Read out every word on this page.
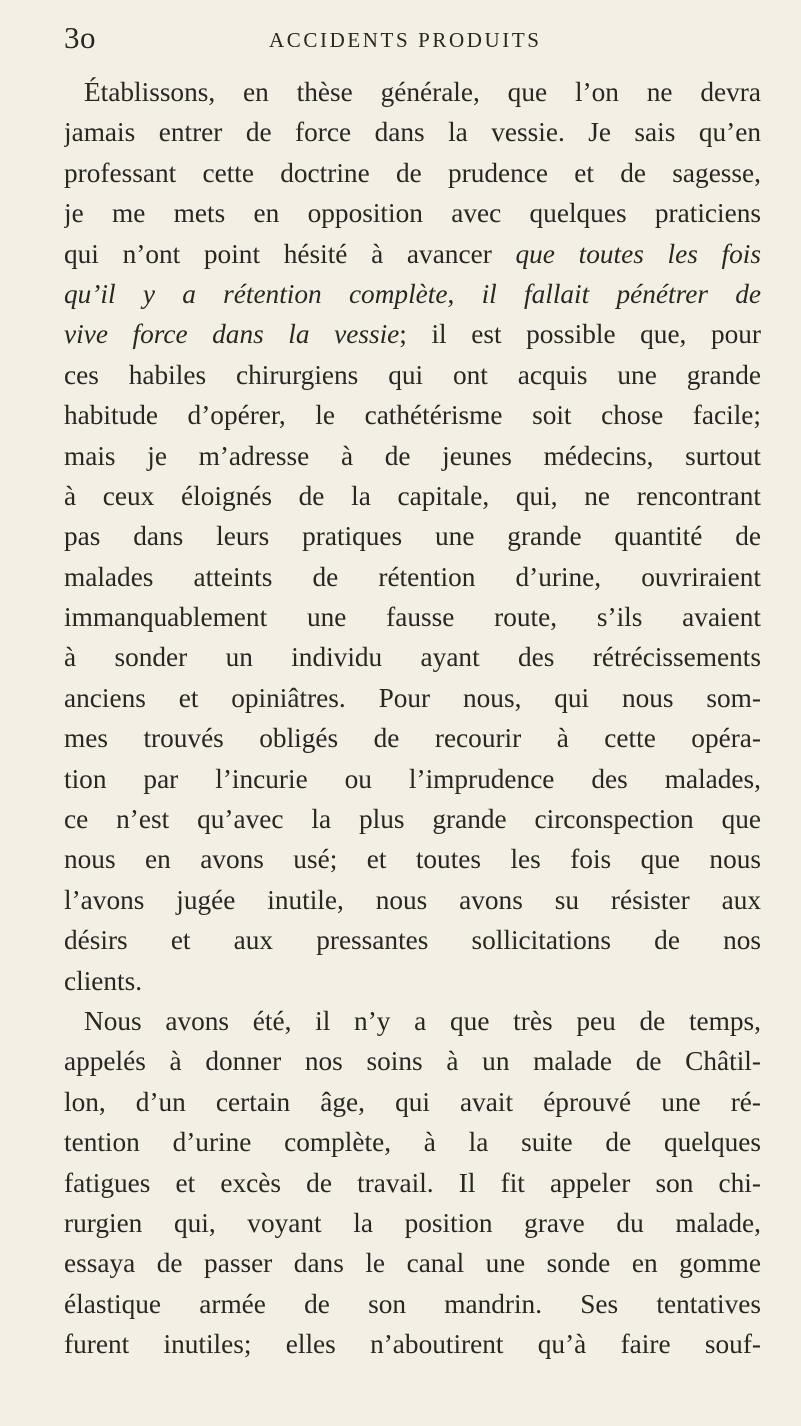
3o	ACCIDENTS PRODUITS
Établissons, en thèse générale, que l’on ne devra
jamais entrer de force dans la vessie. Je sais qu’en
professant cette doctrine de prudence et de sagesse,
je me mets en opposition avec quelques praticiens
qui n’ont point hésité à avancer que toutes les fois
qu’il y a rétention complète, il fallait pénétrer de
vive force dans la vessie; il est possible que, pour
ces habiles chirurgiens qui ont acquis une grande
habitude d’opérer, le cathétérisme soit chose facile;
mais je m’adresse à de jeunes médecins, surtout
à ceux éloignés de la capitale, qui, ne rencontrant
pas dans leurs pratiques une grande quantité de
malades atteints de rétention d’urine, ouvriraient
immanquablement une fausse route, s’ils avaient
à sonder un individu ayant des rétrécissements
anciens et opiniâtres. Pour nous, qui nous som-
mes trouvés obligés de recourir à cette opéra-
tion par l’incurie ou l’imprudence des malades,
ce n’est qu’avec la plus grande circonspection que
nous en avons usé; et toutes les fois que nous
l’avons jugée inutile, nous avons su résister aux
désirs et aux pressantes sollicitations de nos
clients.
Nous avons été, il n’y a que très peu de temps,
appelés à donner nos soins à un malade de Châtil-
lon, d’un certain âge, qui avait éprouvé une ré-
tention d’urine complète, à la suite de quelques
fatigues et excès de travail. Il fit appeler son chi-
rurgien qui, voyant la position grave du malade,
essaya de passer dans le canal une sonde en gomme
élastique armée de son mandrin. Ses tentatives
furent inutiles; elles n’aboutirent qu’à faire souf-
